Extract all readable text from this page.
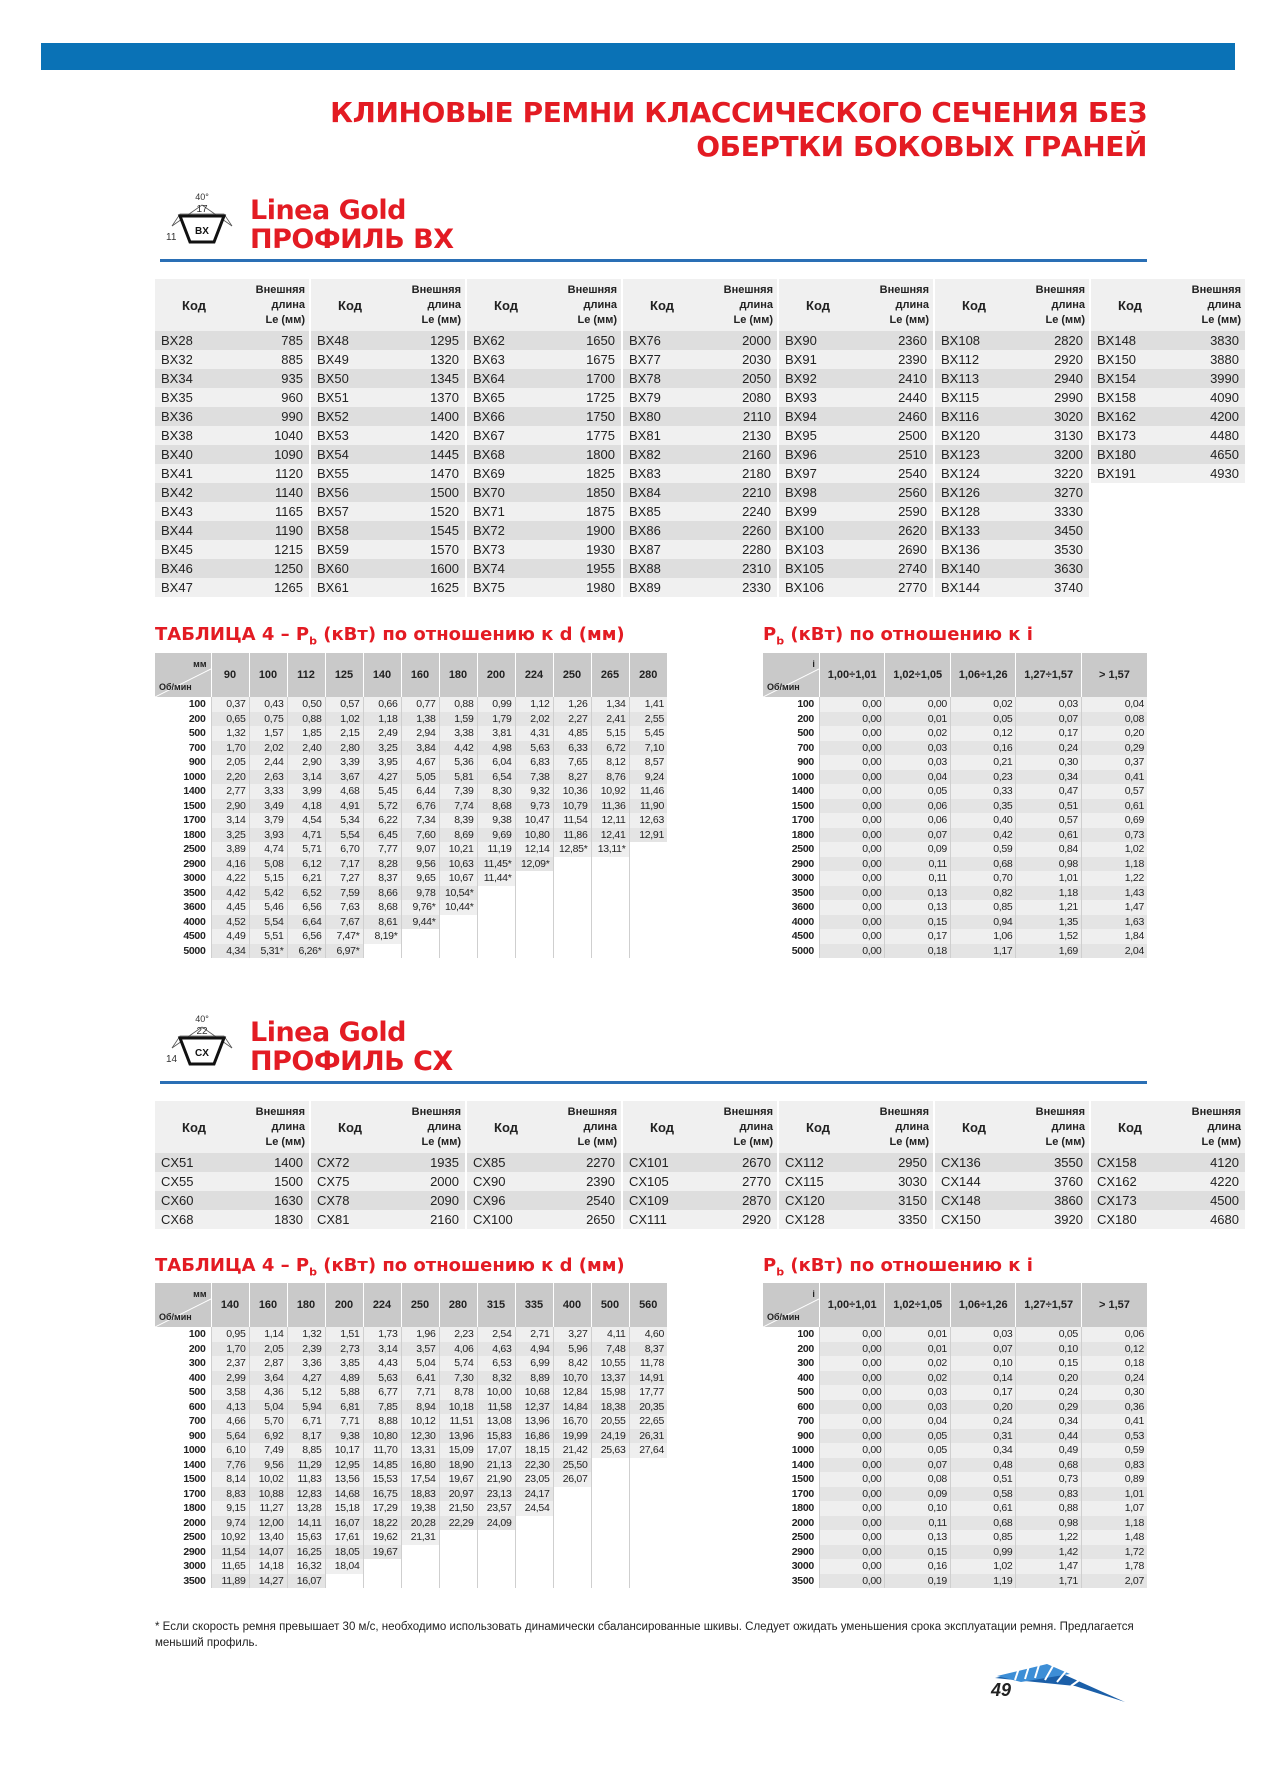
КЛИНОВЫЕ РЕМНИ КЛАССИЧЕСКОГО СЕЧЕНИЯ БЕЗ
ОБЕРТКИ БОКОВЫХ ГРАНЕЙ
40°
17
11
BX
Linea Gold
ПРОФИЛЬ BX
Код	Внешняя
длина
Le (мм)		Код	Внешняя
длина
Le (мм)		Код	Внешняя
длина
Le (мм)		Код	Внешняя
длина
Le (мм)		Код	Внешняя
длина
Le (мм)		Код	Внешняя
длина
Le (мм)		Код	Внешняя
длина
Le (мм)
BX28	785		BX48	1295		BX62	1650		BX76	2000		BX90	2360		BX108	2820		BX148	3830
BX32	885		BX49	1320		BX63	1675		BX77	2030		BX91	2390		BX112	2920		BX150	3880
BX34	935		BX50	1345		BX64	1700		BX78	2050		BX92	2410		BX113	2940		BX154	3990
BX35	960		BX51	1370		BX65	1725		BX79	2080		BX93	2440		BX115	2990		BX158	4090
BX36	990		BX52	1400		BX66	1750		BX80	2110		BX94	2460		BX116	3020		BX162	4200
BX38	1040		BX53	1420		BX67	1775		BX81	2130		BX95	2500		BX120	3130		BX173	4480
BX40	1090		BX54	1445		BX68	1800		BX82	2160		BX96	2510		BX123	3200		BX180	4650
BX41	1120		BX55	1470		BX69	1825		BX83	2180		BX97	2540		BX124	3220		BX191	4930
BX42	1140		BX56	1500		BX70	1850		BX84	2210		BX98	2560		BX126	3270			
BX43	1165		BX57	1520		BX71	1875		BX85	2240		BX99	2590		BX128	3330			
BX44	1190		BX58	1545		BX72	1900		BX86	2260		BX100	2620		BX133	3450			
BX45	1215		BX59	1570		BX73	1930		BX87	2280		BX103	2690		BX136	3530			
BX46	1250		BX60	1600		BX74	1955		BX88	2310		BX105	2740		BX140	3630			
BX47	1265		BX61	1625		BX75	1980		BX89	2330		BX106	2770		BX144	3740			
ТАБЛИЦА $4 - P_b$ (кВт) по отношению к d (мм)	$P_b$ (кВт) по отношению к i
мм
Об/мин	90	100	112	125	140	160	180	200	224	250	265	280
100	0,37	0,43	0,50	0,57	0,66	0,77	0,88	0,99	1,12	1,26	1,34	1,41
200	0,65	0,75	0,88	1,02	1,18	1,38	1,59	1,79	2,02	2,27	2,41	2,55
500	1,32	1,57	1,85	2,15	2,49	2,94	3,38	3,81	4,31	4,85	5,15	5,45
700	1,70	2,02	2,40	2,80	3,25	3,84	4,42	4,98	5,63	6,33	6,72	7,10
900	2,05	2,44	2,90	3,39	3,95	4,67	5,36	6,04	6,83	7,65	8,12	8,57
1000	2,20	2,63	3,14	3,67	4,27	5,05	5,81	6,54	7,38	8,27	8,76	9,24
1400	2,77	3,33	3,99	4,68	5,45	6,44	7,39	8,30	9,32	10,36	10,92	11,46
1500	2,90	3,49	4,18	4,91	5,72	6,76	7,74	8,68	9,73	10,79	11,36	11,90
1700	3,14	3,79	4,54	5,34	6,22	7,34	8,39	9,38	10,47	11,54	12,11	12,63
1800	3,25	3,93	4,71	5,54	6,45	7,60	8,69	9,69	10,80	11,86	12,41	12,91
2500	3,89	4,74	5,71	6,70	7,77	9,07	10,21	11,19	12,14	12,85*	13,11*	
2900	4,16	5,08	6,12	7,17	8,28	9,56	10,63	11,45*	12,09*			
3000	4,22	5,15	6,21	7,27	8,37	9,65	10,67	11,44*				
3500	4,42	5,42	6,52	7,59	8,66	9,78	10,54*					
3600	4,45	5,46	6,56	7,63	8,68	9,76*	10,44*					
4000	4,52	5,54	6,64	7,67	8,61	9,44*						
4500	4,49	5,51	6,56	7,47*	8,19*							
5000	4,34	5,31*	6,26*	6,97*								
i
Об/мин	1,00÷1,01	1,02÷1,05	1,06÷1,26	1,27÷1,57	> 1,57
100	0,00	0,00	0,02	0,03	0,04
200	0,00	0,01	0,05	0,07	0,08
500	0,00	0,02	0,12	0,17	0,20
700	0,00	0,03	0,16	0,24	0,29
900	0,00	0,03	0,21	0,30	0,37
1000	0,00	0,04	0,23	0,34	0,41
1400	0,00	0,05	0,33	0,47	0,57
1500	0,00	0,06	0,35	0,51	0,61
1700	0,00	0,06	0,40	0,57	0,69
1800	0,00	0,07	0,42	0,61	0,73
2500	0,00	0,09	0,59	0,84	1,02
2900	0,00	0,11	0,68	0,98	1,18
3000	0,00	0,11	0,70	1,01	1,22
3500	0,00	0,13	0,82	1,18	1,43
3600	0,00	0,13	0,85	1,21	1,47
4000	0,00	0,15	0,94	1,35	1,63
4500	0,00	0,17	1,06	1,52	1,84
5000	0,00	0,18	1,17	1,69	2,04
40°
22
14
CX
Linea Gold
ПРОФИЛЬ CX
Код	Внешняя
длина
Le (мм)		Код	Внешняя
длина
Le (мм)		Код	Внешняя
длина
Le (мм)		Код	Внешняя
длина
Le (мм)		Код	Внешняя
длина
Le (мм)		Код	Внешняя
длина
Le (мм)		Код	Внешняя
длина
Le (мм)
CX51	1400		CX72	1935		CX85	2270		CX101	2670		CX112	2950		CX136	3550		CX158	4120
CX55	1500		CX75	2000		CX90	2390		CX105	2770		CX115	3030		CX144	3760		CX162	4220
CX60	1630		CX78	2090		CX96	2540		CX109	2870		CX120	3150		CX148	3860		CX173	4500
CX68	1830		CX81	2160		CX100	2650		CX111	2920		CX128	3350		CX150	3920		CX180	4680
ТАБЛИЦА $4 - P_b$ (кВт) по отношению к d (мм)	$P_b$ (кВт) по отношению к i
мм
Об/мин	140	160	180	200	224	250	280	315	335	400	500	560
100	0,95	1,14	1,32	1,51	1,73	1,96	2,23	2,54	2,71	3,27	4,11	4,60
200	1,70	2,05	2,39	2,73	3,14	3,57	4,06	4,63	4,94	5,96	7,48	8,37
300	2,37	2,87	3,36	3,85	4,43	5,04	5,74	6,53	6,99	8,42	10,55	11,78
400	2,99	3,64	4,27	4,89	5,63	6,41	7,30	8,32	8,89	10,70	13,37	14,91
500	3,58	4,36	5,12	5,88	6,77	7,71	8,78	10,00	10,68	12,84	15,98	17,77
600	4,13	5,04	5,94	6,81	7,85	8,94	10,18	11,58	12,37	14,84	18,38	20,35
700	4,66	5,70	6,71	7,71	8,88	10,12	11,51	13,08	13,96	16,70	20,55	22,65
900	5,64	6,92	8,17	9,38	10,80	12,30	13,96	15,83	16,86	19,99	24,19	26,31
1000	6,10	7,49	8,85	10,17	11,70	13,31	15,09	17,07	18,15	21,42	25,63	27,64
1400	7,76	9,56	11,29	12,95	14,85	16,80	18,90	21,13	22,30	25,50		
1500	8,14	10,02	11,83	13,56	15,53	17,54	19,67	21,90	23,05	26,07		
1700	8,83	10,88	12,83	14,68	16,75	18,83	20,97	23,13	24,17			
1800	9,15	11,27	13,28	15,18	17,29	19,38	21,50	23,57	24,54			
2000	9,74	12,00	14,11	16,07	18,22	20,28	22,29	24,09				
2500	10,92	13,40	15,63	17,61	19,62	21,31						
2900	11,54	14,07	16,25	18,05	19,67							
3000	11,65	14,18	16,32	18,04								
3500	11,89	14,27	16,07									
i
Об/мин	1,00÷1,01	1,02÷1,05	1,06÷1,26	1,27÷1,57	> 1,57
100	0,00	0,01	0,03	0,05	0,06
200	0,00	0,01	0,07	0,10	0,12
300	0,00	0,02	0,10	0,15	0,18
400	0,00	0,02	0,14	0,20	0,24
500	0,00	0,03	0,17	0,24	0,30
600	0,00	0,03	0,20	0,29	0,36
700	0,00	0,04	0,24	0,34	0,41
900	0,00	0,05	0,31	0,44	0,53
1000	0,00	0,05	0,34	0,49	0,59
1400	0,00	0,07	0,48	0,68	0,83
1500	0,00	0,08	0,51	0,73	0,89
1700	0,00	0,09	0,58	0,83	1,01
1800	0,00	0,10	0,61	0,88	1,07
2000	0,00	0,11	0,68	0,98	1,18
2500	0,00	0,13	0,85	1,22	1,48
2900	0,00	0,15	0,99	1,42	1,72
3000	0,00	0,16	1,02	1,47	1,78
3500	0,00	0,19	1,19	1,71	2,07
* Если скорость ремня превышает 30 м/с, необходимо использовать динамически сбалансированные шкивы. Следует ожидать уменьшения срока эксплуатации ремня. Предлагается меньший профиль.
49
